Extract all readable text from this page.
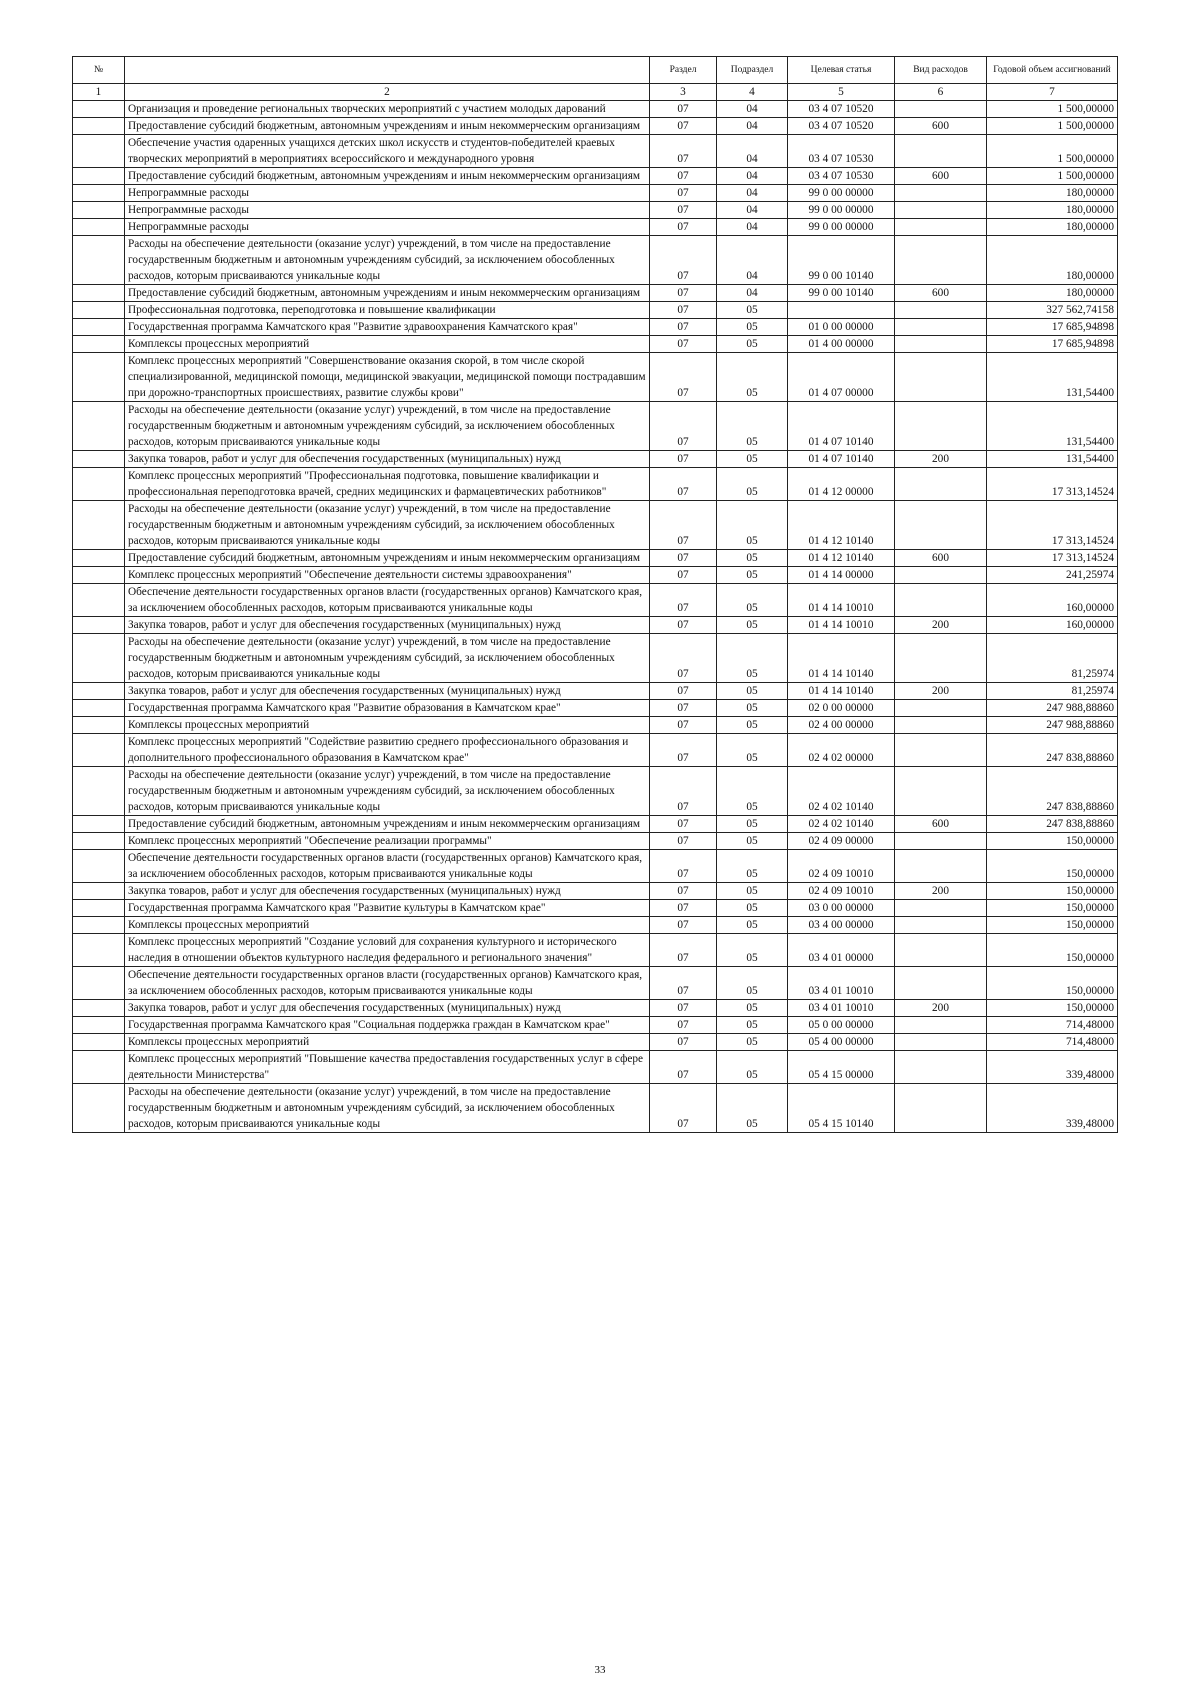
№		Раздел	Подраздел	Целевая статья	Вид расходов	Годовой объем ассигнований
1	2	3	4	5	6	7
	Организация и проведение региональных творческих мероприятий с участием молодых дарований	07	04	03 4 07 10520		1 500,00000
	Предоставление субсидий бюджетным, автономным учреждениям и иным некоммерческим организациям	07	04	03 4 07 10520	600	1 500,00000
	Обеспечение участия одаренных учащихся детских школ искусств и студентов-победителей краевых творческих мероприятий в мероприятиях всероссийского и международного уровня	07	04	03 4 07 10530		1 500,00000
	Предоставление субсидий бюджетным, автономным учреждениям и иным некоммерческим организациям	07	04	03 4 07 10530	600	1 500,00000
	Непрограммные расходы	07	04	99 0 00 00000		180,00000
	Непрограммные расходы	07	04	99 0 00 00000		180,00000
	Непрограммные расходы	07	04	99 0 00 00000		180,00000
	Расходы на обеспечение деятельности (оказание услуг) учреждений, в том числе на предоставление государственным бюджетным и автономным учреждениям субсидий, за исключением обособленных расходов, которым присваиваются уникальные коды	07	04	99 0 00 10140		180,00000
	Предоставление субсидий бюджетным, автономным учреждениям и иным некоммерческим организациям	07	04	99 0 00 10140	600	180,00000
	Профессиональная подготовка, переподготовка и повышение квалификации	07	05			327 562,74158
	Государственная программа Камчатского края "Развитие здравоохранения Камчатского края"	07	05	01 0 00 00000		17 685,94898
	Комплексы процессных мероприятий	07	05	01 4 00 00000		17 685,94898
	Комплекс процессных мероприятий "Совершенствование оказания скорой, в том числе скорой специализированной, медицинской помощи, медицинской эвакуации, медицинской помощи пострадавшим при дорожно-транспортных происшествиях, развитие службы крови"	07	05	01 4 07 00000		131,54400
	Расходы на обеспечение деятельности (оказание услуг) учреждений, в том числе на предоставление государственным бюджетным и автономным учреждениям субсидий, за исключением обособленных расходов, которым присваиваются уникальные коды	07	05	01 4 07 10140		131,54400
	Закупка товаров, работ и услуг для обеспечения государственных (муниципальных) нужд	07	05	01 4 07 10140	200	131,54400
	Комплекс процессных мероприятий "Профессиональная подготовка, повышение квалификации и профессиональная переподготовка врачей, средних медицинских и фармацевтических работников"	07	05	01 4 12 00000		17 313,14524
	Расходы на обеспечение деятельности (оказание услуг) учреждений, в том числе на предоставление государственным бюджетным и автономным учреждениям субсидий, за исключением обособленных расходов, которым присваиваются уникальные коды	07	05	01 4 12 10140		17 313,14524
	Предоставление субсидий бюджетным, автономным учреждениям и иным некоммерческим организациям	07	05	01 4 12 10140	600	17 313,14524
	Комплекс процессных мероприятий "Обеспечение деятельности системы здравоохранения"	07	05	01 4 14 00000		241,25974
	Обеспечение деятельности государственных органов власти (государственных органов) Камчатского края, за исключением обособленных расходов, которым присваиваются уникальные коды	07	05	01 4 14 10010		160,00000
	Закупка товаров, работ и услуг для обеспечения государственных (муниципальных) нужд	07	05	01 4 14 10010	200	160,00000
	Расходы на обеспечение деятельности (оказание услуг) учреждений, в том числе на предоставление государственным бюджетным и автономным учреждениям субсидий, за исключением обособленных расходов, которым присваиваются уникальные коды	07	05	01 4 14 10140		81,25974
	Закупка товаров, работ и услуг для обеспечения государственных (муниципальных) нужд	07	05	01 4 14 10140	200	81,25974
	Государственная программа Камчатского края "Развитие образования в Камчатском крае"	07	05	02 0 00 00000		247 988,88860
	Комплексы процессных мероприятий	07	05	02 4 00 00000		247 988,88860
	Комплекс процессных мероприятий "Содействие развитию среднего профессионального образования и дополнительного профессионального образования в Камчатском крае"	07	05	02 4 02 00000		247 838,88860
	Расходы на обеспечение деятельности (оказание услуг) учреждений, в том числе на предоставление государственным бюджетным и автономным учреждениям субсидий, за исключением обособленных расходов, которым присваиваются уникальные коды	07	05	02 4 02 10140		247 838,88860
	Предоставление субсидий бюджетным, автономным учреждениям и иным некоммерческим организациям	07	05	02 4 02 10140	600	247 838,88860
	Комплекс процессных мероприятий "Обеспечение реализации программы"	07	05	02 4 09 00000		150,00000
	Обеспечение деятельности государственных органов власти (государственных органов) Камчатского края, за исключением обособленных расходов, которым присваиваются уникальные коды	07	05	02 4 09 10010		150,00000
	Закупка товаров, работ и услуг для обеспечения государственных (муниципальных) нужд	07	05	02 4 09 10010	200	150,00000
	Государственная программа Камчатского края "Развитие культуры в Камчатском крае"	07	05	03 0 00 00000		150,00000
	Комплексы процессных мероприятий	07	05	03 4 00 00000		150,00000
	Комплекс процессных мероприятий "Создание условий для сохранения культурного и исторического наследия в отношении объектов культурного наследия федерального и регионального значения"	07	05	03 4 01 00000		150,00000
	Обеспечение деятельности государственных органов власти (государственных органов) Камчатского края, за исключением обособленных расходов, которым присваиваются уникальные коды	07	05	03 4 01 10010		150,00000
	Закупка товаров, работ и услуг для обеспечения государственных (муниципальных) нужд	07	05	03 4 01 10010	200	150,00000
	Государственная программа Камчатского края "Социальная поддержка граждан в Камчатском крае"	07	05	05 0 00 00000		714,48000
	Комплексы процессных мероприятий	07	05	05 4 00 00000		714,48000
	Комплекс процессных мероприятий "Повышение качества предоставления государственных услуг в сфере деятельности Министерства"	07	05	05 4 15 00000		339,48000
	Расходы на обеспечение деятельности (оказание услуг) учреждений, в том числе на предоставление государственным бюджетным и автономным учреждениям субсидий, за исключением обособленных расходов, которым присваиваются уникальные коды	07	05	05 4 15 10140		339,48000
33
